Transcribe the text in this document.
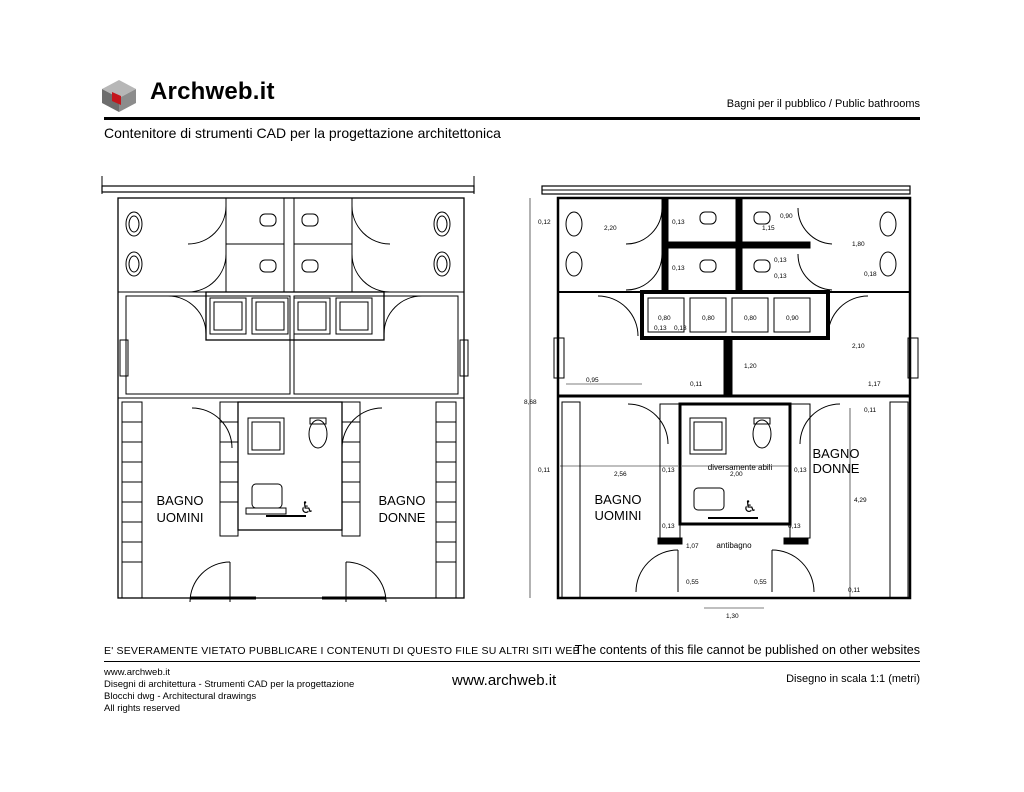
Archweb.it	Bagni per il pubblico / Public bathrooms
Contenitore di strumenti CAD per la progettazione architettonica
BAGNO
UOMINI
BAGNO
DONNE
♿
8,68
0,12
2,20
0,13
0,13
1,15
0,90
1,80
0,13
0,13	0,18
0,80	0,80	0,80	0,90
0,13 0,13
0,95
0,11
1,20
2,10
1,17
0,11
0,11
2,56
0,13
2,00
0,13
0,13	0,13
1,07
0,55	0,55
1,30
0,11
4,29
BAGNO
UOMINI
BAGNO
DONNE
diversamente abili
antibagno
♿
E' SEVERAMENTE VIETATO PUBBLICARE I CONTENUTI DI QUESTO FILE SU ALTRI SITI WEB
The contents of this file cannot be published on other websites
www.archweb.it
Disegni di architettura - Strumenti CAD per la progettazione
Blocchi dwg - Architectural drawings
All rights reserved
www.archweb.it	Disegno in scala 1:1 (metri)
